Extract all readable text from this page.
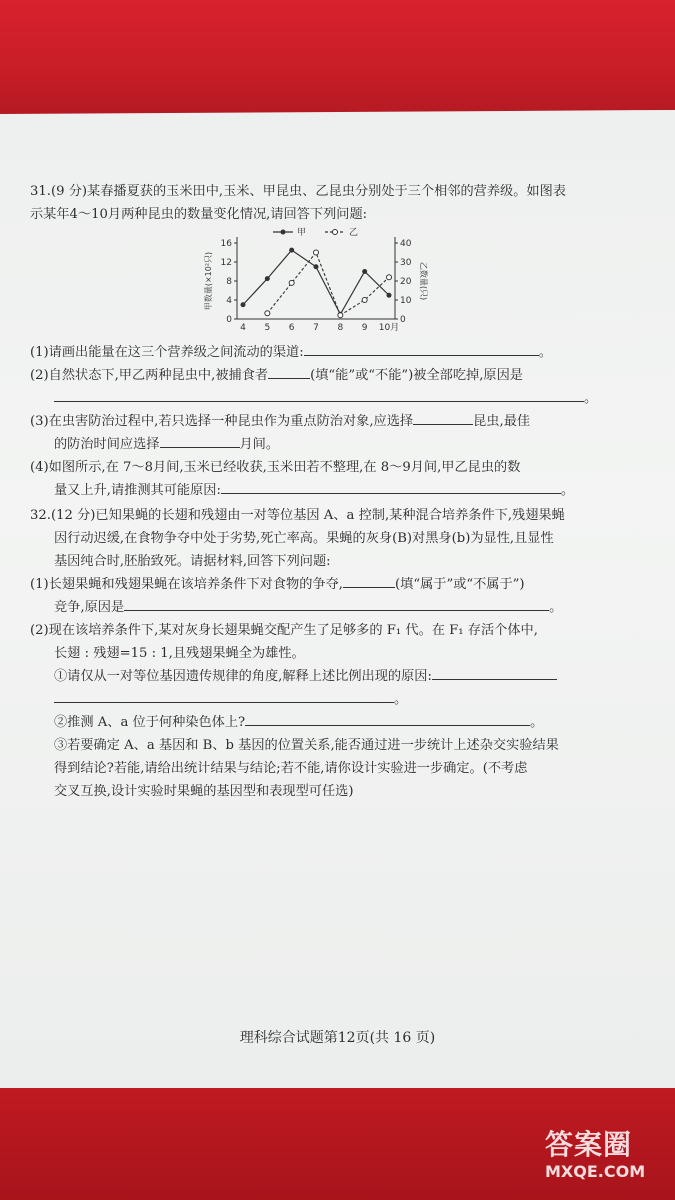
31.(9 分)某春播夏获的玉米田中,玉米、甲昆虫、乙昆虫分别处于三个相邻的营养级。如图表
示某年4～10月两种昆虫的数量变化情况,请回答下列问题:
(1)请画出能量在这三个营养级之间流动的渠道:	。
(2)自然状态下,甲乙两种昆虫中,被捕食者	(填“能”或“不能”)被全部吃掉,原因是
。
(3)在虫害防治过程中,若只选择一种昆虫作为重点防治对象,应选择	昆虫,最佳
的防治时间应选择	月间。
(4)如图所示,在 7～8月间,玉米已经收获,玉米田若不整理,在 8～9月间,甲乙昆虫的数
量又上升,请推测其可能原因:	。
32.(12 分)已知果蝇的长翅和残翅由一对等位基因 A、a 控制,某种混合培养条件下,残翅果蝇
因行动迟缓,在食物争夺中处于劣势,死亡率高。果蝇的灰身(B)对黑身(b)为显性,且显性
基因纯合时,胚胎致死。请据材料,回答下列问题:
(1)长翅果蝇和残翅果蝇在该培养条件下对食物的争夺,	(填“属于”或“不属于”)
竞争,原因是	。
(2)现在该培养条件下,某对灰身长翅果蝇交配产生了足够多的 F₁ 代。在 F₁ 存活个体中,
长翅 : 残翅=15 : 1,且残翅果蝇全为雄性。
①请仅从一对等位基因遗传规律的角度,解释上述比例出现的原因:
。
②推测 A、a 位于何种染色体上?	。
③若要确定 A、a 基因和 B、b 基因的位置关系,能否通过进一步统计上述杂交实验结果
得到结论?若能,请给出统计结果与结论;若不能,请你设计实验进一步确定。(不考虑
交叉互换,设计实验时果蝇的基因型和表现型可任选)
0
4
8
12
16
0
10
20
30
40
4 5 6 7 8 9 10月
甲数量(×10²只)	乙数量(只)
甲	乙
理科综合试题第12页(共 16 页)
答案圈
MXQE.COM
